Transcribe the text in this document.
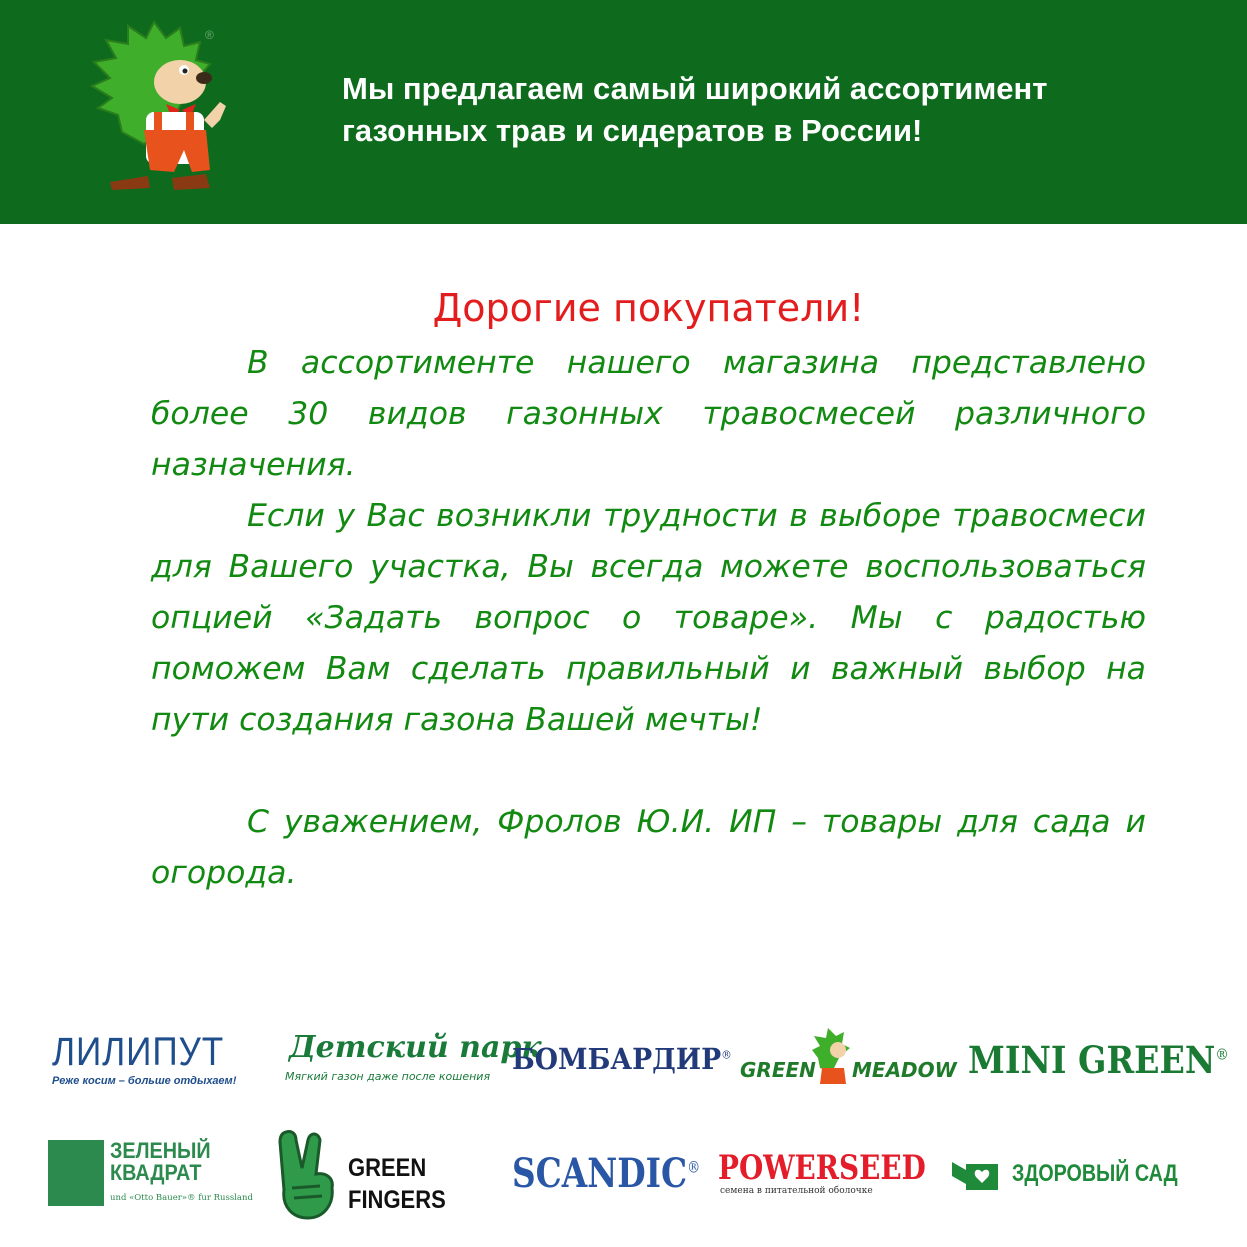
®
Мы предлагаем самый широкий ассортимент
газонных трав и сидератов в России!
Дорогие покупатели!

В ассортименте нашего магазина представлено более 30 видов газонных травосмесей различного назначения.

Если у Вас возникли трудности в выборе травосмеси для Вашего участка, Вы всегда можете воспользоваться опцией «Задать вопрос о товаре». Мы с радостью поможем Вам сделать правильный и важный выбор на пути создания газона Вашей мечты!

С уважением, Фролов Ю.И. ИП – товары для сада и огорода.

ЛИЛИПУТ
Реже косим – больше отдыхаем!
Детский парк
Мягкий газон даже после кошения
БОМБАРДИР®
GREEN MEADOW MINI GREEN®
ЗЕЛЕНЫЙ
КВАДРАТ
und «Otto Bauer»® fur Russland
GREEN
FINGERS
SCANDIC® POWERSEED
семена в питательной оболочке
ЗДОРОВЫЙ САД
